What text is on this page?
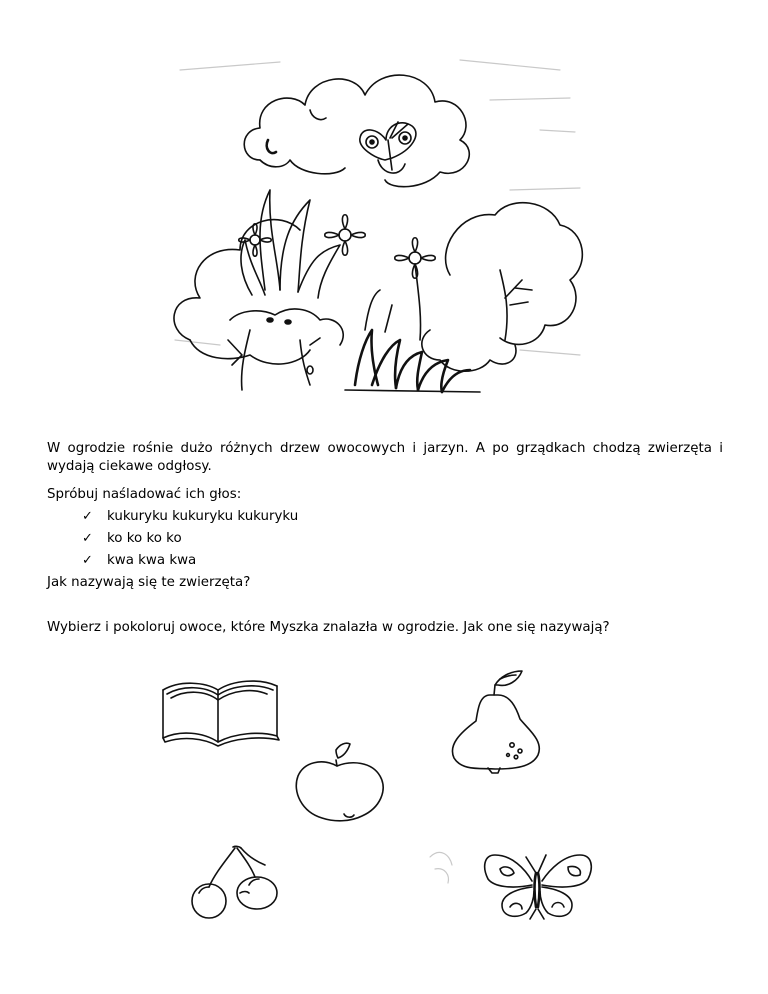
W ogrodzie rośnie dużo różnych drzew owocowych i jarzyn. A po grządkach chodzą zwierzęta i wydają ciekawe odgłosy.
Spróbuj naśladować ich głos:
✓	kukuryku kukuryku kukuryku
✓	ko ko ko ko
✓	kwa kwa kwa
Jak nazywają się te zwierzęta?
Wybierz i pokoloruj owoce, które Myszka znalazła w ogrodzie. Jak one się nazywają?
